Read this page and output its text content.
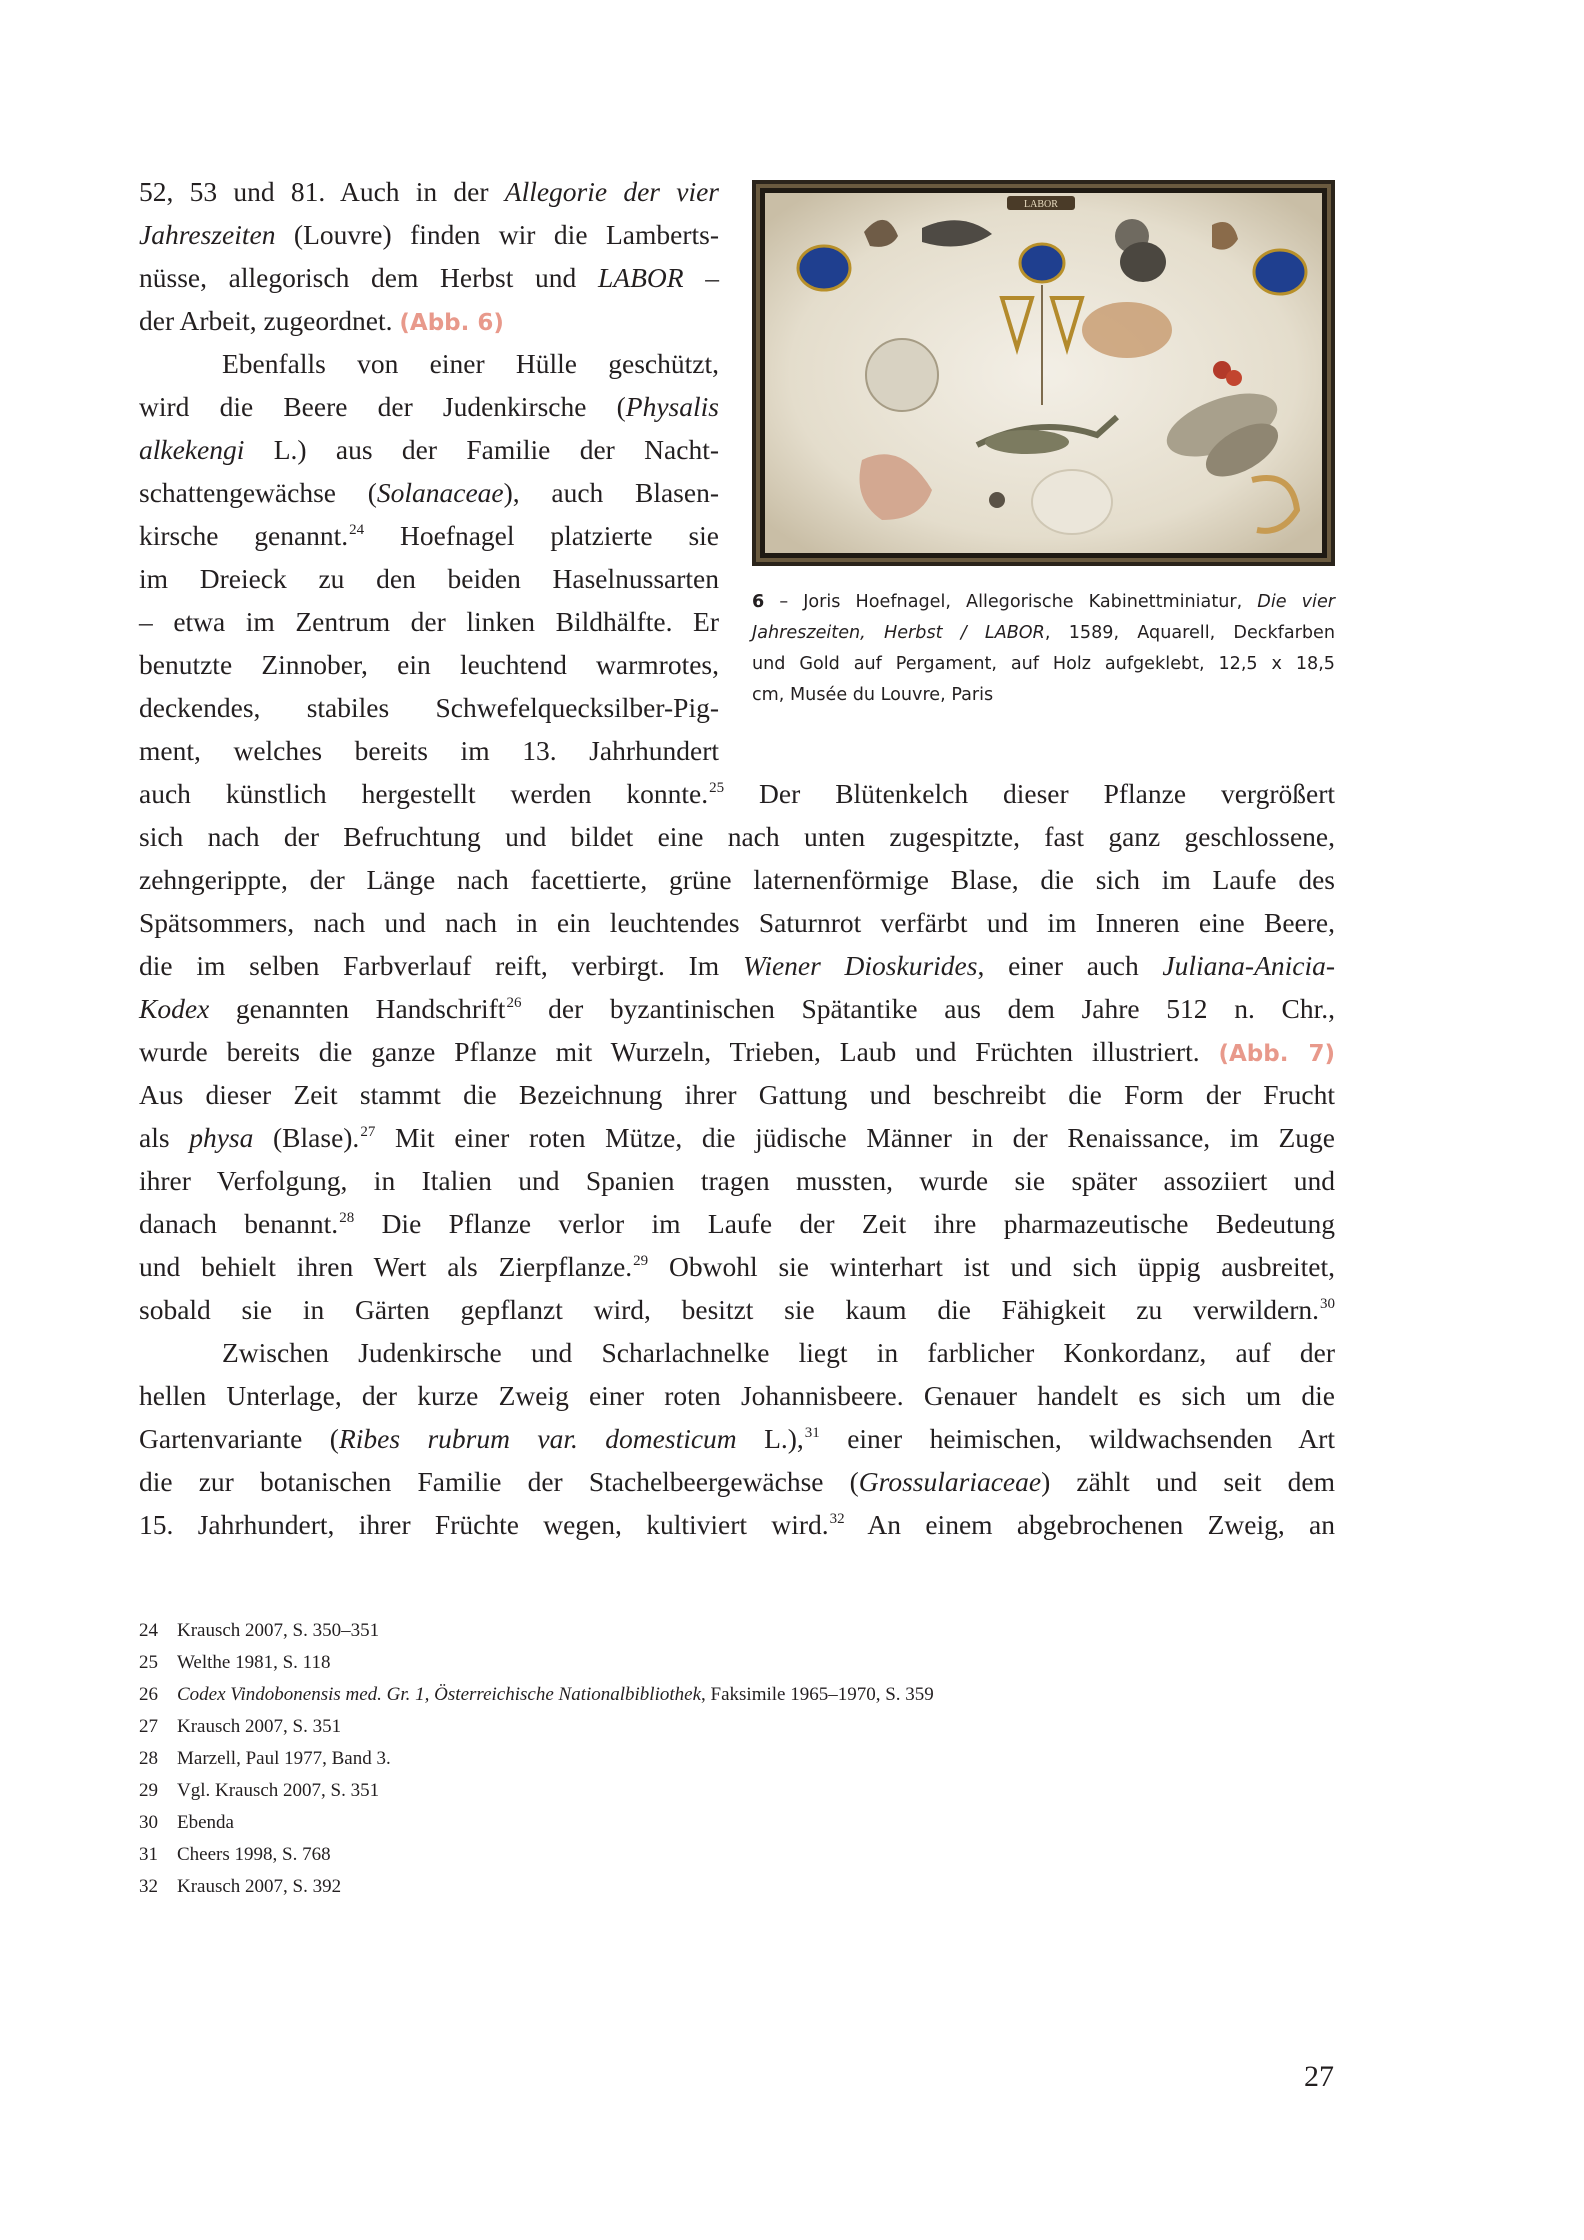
52, 53 und 81. Auch in der Allegorie der vier
Jahreszeiten (Louvre) finden wir die Lamberts-
nüsse, allegorisch dem Herbst und LABOR –
der Arbeit, zugeordnet. (Abb. 6)
Ebenfalls von einer Hülle geschützt,
wird die Beere der Judenkirsche (Physalis
alkekengi L.) aus der Familie der Nacht-
schattengewächse (Solanaceae), auch Blasen-
kirsche genannt.$^{24}$ Hoefnagel platzierte sie
im Dreieck zu den beiden Haselnussarten
– etwa im Zentrum der linken Bildhälfte. Er
benutzte Zinnober, ein leuchtend warmrotes,
deckendes, stabiles Schwefelquecksilber-Pig-
ment, welches bereits im 13. Jahrhundert
auch künstlich hergestellt werden konnte.$^{25}$ Der Blütenkelch dieser Pflanze vergrößert
sich nach der Befruchtung und bildet eine nach unten zugespitzte, fast ganz geschlossene,
zehngerippte, der Länge nach facettierte, grüne laternenförmige Blase, die sich im Laufe des
Spätsommers, nach und nach in ein leuchtendes Saturnrot verfärbt und im Inneren eine Beere,
die im selben Farbverlauf reift, verbirgt. Im Wiener Dioskurides, einer auch Juliana-Anicia-
Kodex genannten Handschrift$^{26}$ der byzantinischen Spätantike aus dem Jahre 512 n. Chr.,
wurde bereits die ganze Pflanze mit Wurzeln, Trieben, Laub und Früchten illustriert. (Abb. 7)
Aus dieser Zeit stammt die Bezeichnung ihrer Gattung und beschreibt die Form der Frucht
als physa (Blase).$^{27}$ Mit einer roten Mütze, die jüdische Männer in der Renaissance, im Zuge
ihrer Verfolgung, in Italien und Spanien tragen mussten, wurde sie später assoziiert und
danach benannt.$^{28}$ Die Pflanze verlor im Laufe der Zeit ihre pharmazeutische Bedeutung
und behielt ihren Wert als Zierpflanze.$^{29}$ Obwohl sie winterhart ist und sich üppig ausbreitet,
sobald sie in Gärten gepflanzt wird, besitzt sie kaum die Fähigkeit zu verwildern.$^{30}$
Zwischen Judenkirsche und Scharlachnelke liegt in farblicher Konkordanz, auf der
hellen Unterlage, der kurze Zweig einer roten Johannisbeere. Genauer handelt es sich um die
Gartenvariante (Ribes rubrum var. domesticum L.),$^{31}$ einer heimischen, wildwachsenden Art
die zur botanischen Familie der Stachelbeergewächse (Grossulariaceae) zählt und seit dem
15. Jahrhundert, ihrer Früchte wegen, kultiviert wird.$^{32}$ An einem abgebrochenen Zweig, an
LABOR
6 – Joris Hoefnagel, Allegorische Kabinettminiatur, Die vier
Jahreszeiten, Herbst / LABOR, 1589, Aquarell, Deckfarben
und Gold auf Pergament, auf Holz aufgeklebt, 12,5 x 18,5
cm, Musée du Louvre, Paris
24 Krausch 2007, S. 350–351
25 Welthe 1981, S. 118
26 Codex Vindobonensis med. Gr. 1, Österreichische Nationalbibliothek, Faksimile 1965–1970, S. 359
27 Krausch 2007, S. 351
28 Marzell, Paul 1977, Band 3.
29 Vgl. Krausch 2007, S. 351
30 Ebenda
31 Cheers 1998, S. 768
32 Krausch 2007, S. 392
27
